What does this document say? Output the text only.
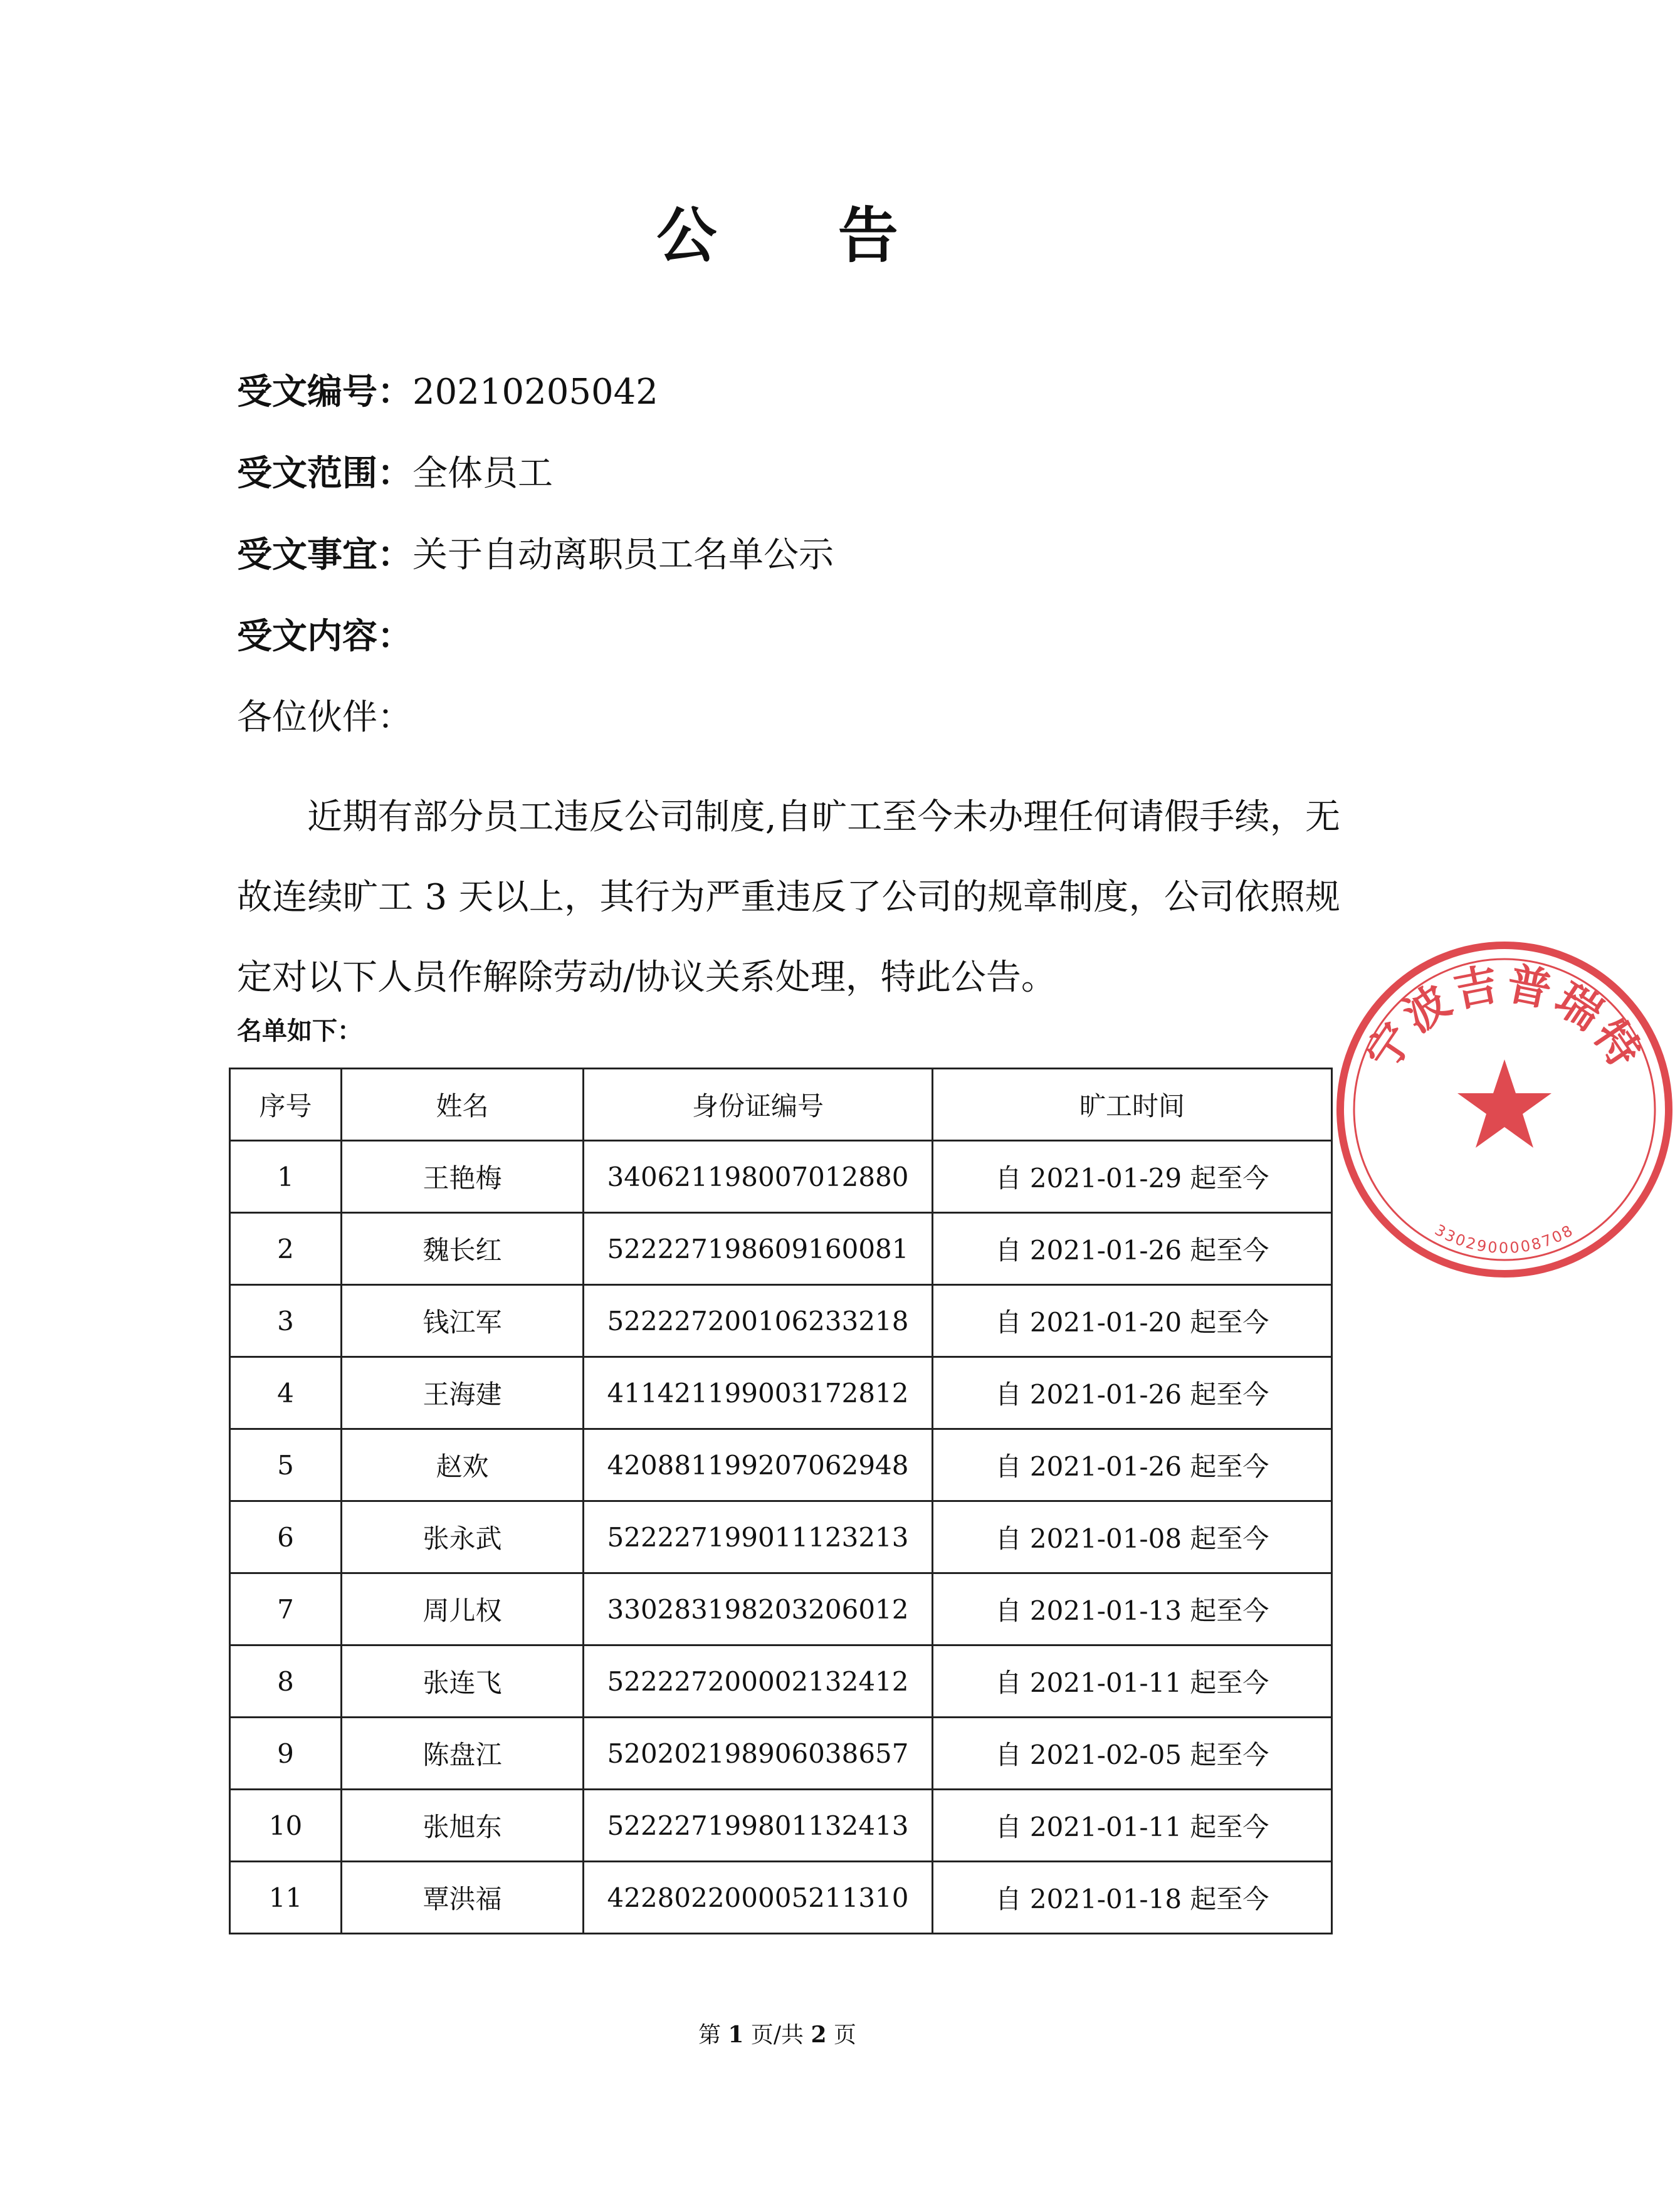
公 告
受文编号：20210205042
受文范围：全体员工
受文事宜：关于自动离职员工名单公示
受文内容：
各位伙伴：
近期有部分员工违反公司制度,自旷工至今未办理任何请假手续，无故连续旷工 3 天以上，其行为严重违反了公司的规章制度，公司依照规定对以下人员作解除劳动/协议关系处理，特此公告。
名单如下：
序号	姓名	身份证编号	旷工时间
1	王艳梅	340621198007012880	自 2021-01-29 起至今
2	魏长红	522227198609160081	自 2021-01-26 起至今
3	钱江军	522227200106233218	自 2021-01-20 起至今
4	王海建	411421199003172812	自 2021-01-26 起至今
5	赵欢	420881199207062948	自 2021-01-26 起至今
6	张永武	522227199011123213	自 2021-01-08 起至今
7	周儿权	330283198203206012	自 2021-01-13 起至今
8	张连飞	522227200002132412	自 2021-01-11 起至今
9	陈盘江	520202198906038657	自 2021-02-05 起至今
10	张旭东	522227199801132413	自 2021-01-11 起至今
11	覃洪福	422802200005211310	自 2021-01-18 起至今
第 1 页/共 2 页
宁波吉普瑞特
3302900008708
